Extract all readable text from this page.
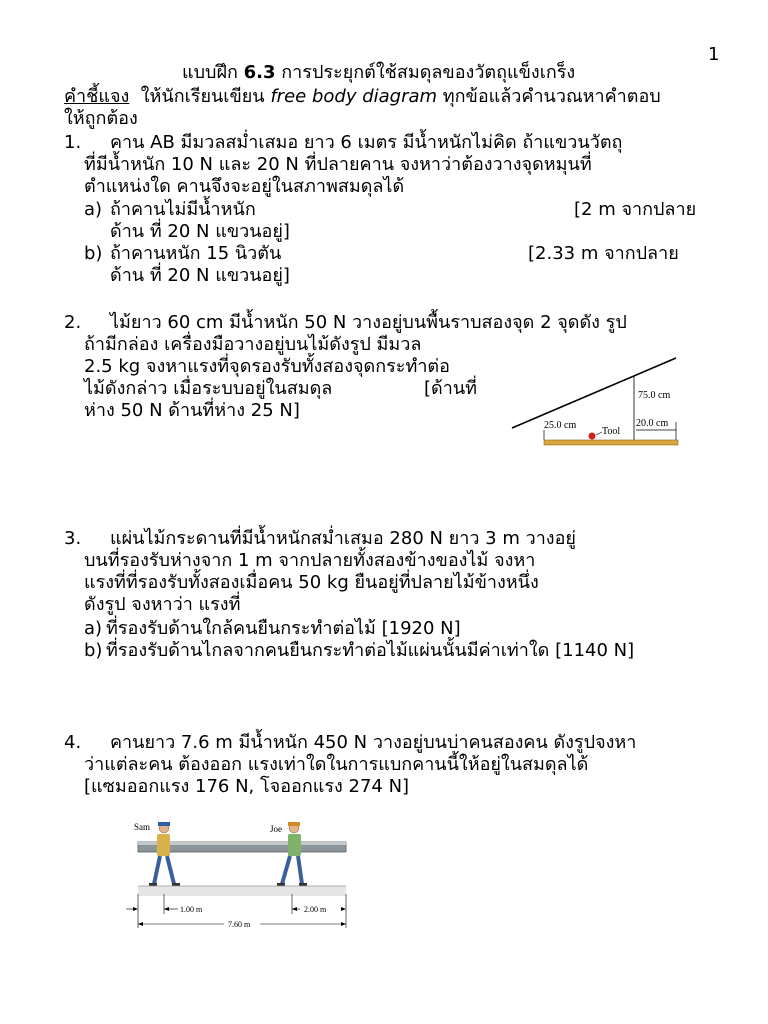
1
แบบฝึก 6.3 การประยุกต์ใช้สมดุลของวัตถุแข็งเกร็ง
คำชี้แจง ให้นักเรียนเขียน free body diagram ทุกข้อแล้วคำนวณหาคำตอบ
ให้ถูกต้อง
1. คาน AB มีมวลสม่ำเสมอ ยาว 6 เมตร มีน้ำหนักไม่คิด ถ้าแขวนวัตถุ
ที่มีน้ำหนัก 10 N และ 20 N ที่ปลายคาน จงหาว่าต้องวางจุดหมุนที่
ตำแหน่งใด คานจึงจะอยู่ในสภาพสมดุลได้
a) ถ้าคานไม่มีน้ำหนัก	[2 m จากปลาย
ด้าน ที่ 20 N แขวนอยู่]
b) ถ้าคานหนัก 15 นิวตัน	[2.33 m จากปลาย
ด้าน ที่ 20 N แขวนอยู่]
2. ไม้ยาว 60 cm มีน้ำหนัก 50 N วางอยู่บนพื้นราบสองจุด 2 จุดดัง รูป
ถ้ามีกล่อง เครื่องมือวางอยู่บนไม้ดังรูป มีมวล
2.5 kg จงหาแรงที่จุดรองรับทั้งสองจุดกระทำต่อ
ไม้ดังกล่าว เมื่อระบบอยู่ในสมดุล	[ด้านที่
ห่าง 50 N ด้านที่ห่าง 25 N]
75.0 cm
25.0 cm	20.0 cm
Tool
3. แผ่นไม้กระดานที่มีน้ำหนักสม่ำเสมอ 280 N ยาว 3 m วางอยู่
บนที่รองรับห่างจาก 1 m จากปลายทั้งสองข้างของไม้ จงหา
แรงที่ที่รองรับทั้งสองเมื่อคน 50 kg ยืนอยู่ที่ปลายไม้ข้างหนึ่ง
ดังรูป จงหาว่า แรงที่
a) ที่รองรับด้านใกล้คนยืนกระทำต่อไม้ [1920 N]
b) ที่รองรับด้านไกลจากคนยืนกระทำต่อไม้แผ่นนั้นมีค่าเท่าใด [1140 N]
4. คานยาว 7.6 m มีน้ำหนัก 450 N วางอยู่บนบ่าคนสองคน ดังรูปจงหา
ว่าแต่ละคน ต้องออก แรงเท่าใดในการแบกคานนี้ให้อยู่ในสมดุลได้
[แซมออกแรง 176 N, โจออกแรง 274 N]
Sam	Joe
1.00 m	2.00 m
7.60 m
